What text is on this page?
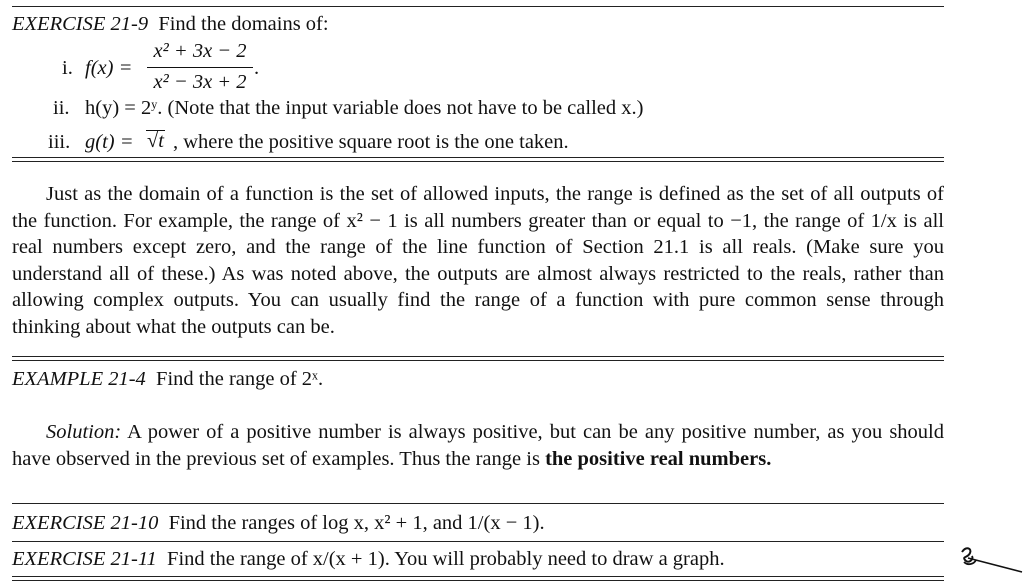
EXERCISE 21-9 Find the domains of:
i. f(x) =
x² + 3x − 2
x² − 3x + 2
.
ii. h(y) = 2ʸ. (Note that the input variable does not have to be called x.)
iii. g(t) = √t , where the positive square root is the one taken.
Just as the domain of a function is the set of allowed inputs, the range is defined as the set of all outputs of the function. For example, the range of x² − 1 is all numbers greater than or equal to −1, the range of 1/x is all real numbers except zero, and the range of the line function of Section 21.1 is all reals. (Make sure you understand all of these.) As was noted above, the outputs are almost always restricted to the reals, rather than allowing complex outputs. You can usually find the range of a function with pure common sense through thinking about what the outputs can be.
EXAMPLE 21-4 Find the range of 2ˣ.
Solution: A power of a positive number is always positive, but can be any positive number, as you should have observed in the previous set of examples. Thus the range is the positive real numbers.
EXERCISE 21-10 Find the ranges of log x, x² + 1, and 1/(x − 1).
EXERCISE 21-11 Find the range of x/(x + 1). You will probably need to draw a graph.
